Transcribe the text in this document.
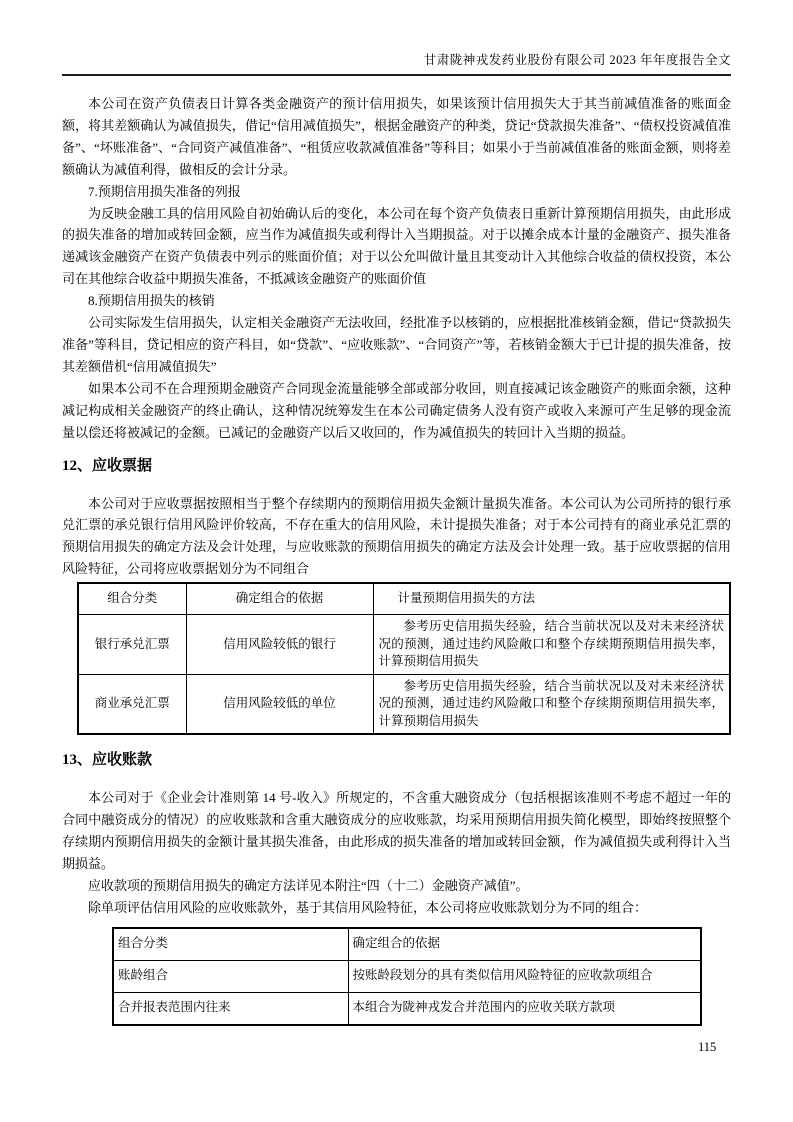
甘肃陇神戎发药业股份有限公司 2023 年年度报告全文

本公司在资产负债表日计算各类金融资产的预计信用损失，如果该预计信用损失大于其当前减值准备的账面金额，将其差额确认为减值损失，借记“信用减值损失”，根据金融资产的种类，贷记“贷款损失准备”、“债权投资减值准备”、“坏账准备”、“合同资产减值准备”、“租赁应收款减值准备”等科目；如果小于当前减值准备的账面金额，则将差额确认为减值利得，做相反的会计分录。

7.预期信用损失准备的列报

为反映金融工具的信用风险自初始确认后的变化，本公司在每个资产负债表日重新计算预期信用损失，由此形成的损失准备的增加或转回金额，应当作为减值损失或利得计入当期损益。对于以摊余成本计量的金融资产、损失准备递减该金融资产在资产负债表中列示的账面价值；对于以公允叫做计量且其变动计入其他综合收益的债权投资，本公司在其他综合收益中期损失准备，不抵减该金融资产的账面价值

8.预期信用损失的核销

公司实际发生信用损失，认定相关金融资产无法收回，经批准予以核销的，应根据批准核销金额，借记“贷款损失准备”等科目，贷记相应的资产科目，如“贷款”、“应收账款”、“合同资产”等，若核销金额大于已计提的损失准备，按其差额借机“信用减值损失”

如果本公司不在合理预期金融资产合同现金流量能够全部或部分收回，则直接减记该金融资产的账面余额，这种减记构成相关金融资产的终止确认，这种情况统筹发生在本公司确定债务人没有资产或收入来源可产生足够的现金流量以偿还将被减记的金额。已减记的金融资产以后又收回的，作为减值损失的转回计入当期的损益。

12、应收票据

本公司对于应收票据按照相当于整个存续期内的预期信用损失金额计量损失准备。本公司认为公司所持的银行承兑汇票的承兑银行信用风险评价较高，不存在重大的信用风险，未计提损失准备；对于本公司持有的商业承兑汇票的预期信用损失的确定方法及会计处理，与应收账款的预期信用损失的确定方法及会计处理一致。基于应收票据的信用风险特征，公司将应收票据划分为不同组合

组合分类	确定组合的依据	计量预期信用损失的方法
银行承兑汇票	信用风险较低的银行	参考历史信用损失经验，结合当前状况以及对未来经济状况的预测，通过违约风险敞口和整个存续期预期信用损失率，计算预期信用损失
商业承兑汇票	信用风险较低的单位	参考历史信用损失经验，结合当前状况以及对未来经济状况的预测，通过违约风险敞口和整个存续期预期信用损失率，计算预期信用损失
13、应收账款

本公司对于《企业会计准则第 14 号-收入》所规定的，不含重大融资成分（包括根据该准则不考虑不超过一年的合同中融资成分的情况）的应收账款和含重大融资成分的应收账款，均采用预期信用损失简化模型，即始终按照整个存续期内预期信用损失的金额计量其损失准备，由此形成的损失准备的增加或转回金额，作为减值损失或利得计入当期损益。

应收款项的预期信用损失的确定方法详见本附注“四（十二）金融资产减值”。

除单项评估信用风险的应收账款外，基于其信用风险特征，本公司将应收账款划分为不同的组合：

组合分类	确定组合的依据
账龄组合	按账龄段划分的具有类似信用风险特征的应收款项组合
合并报表范围内往来	本组合为陇神戎发合并范围内的应收关联方款项
115
